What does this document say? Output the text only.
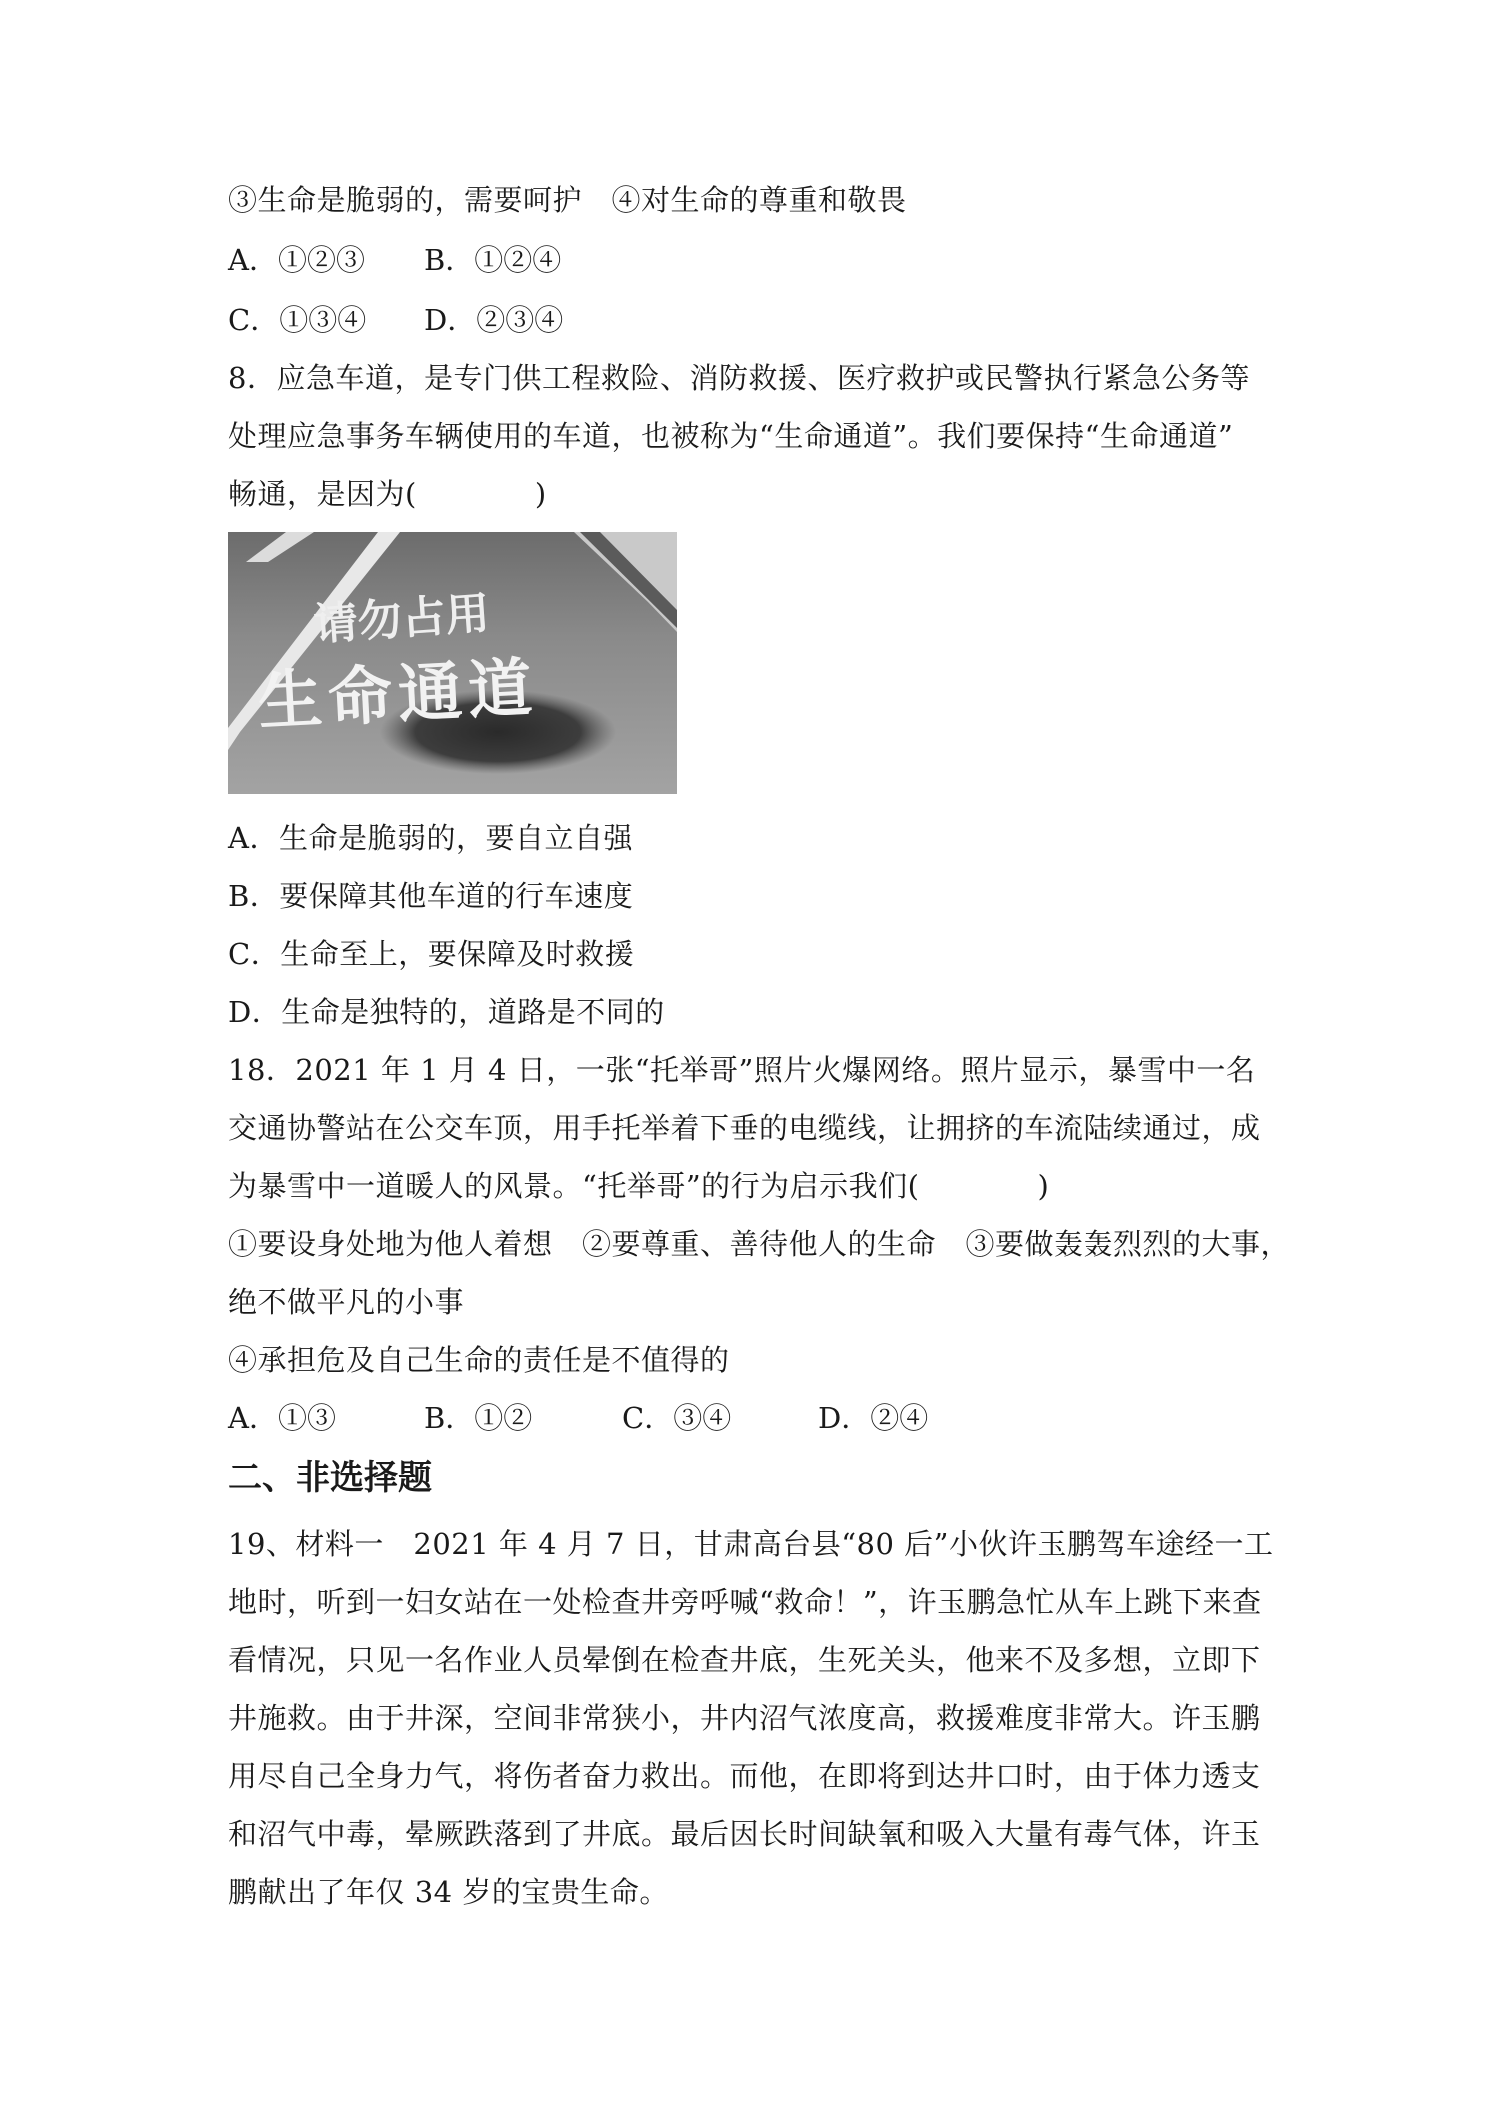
③生命是脆弱的，需要呵护　④对生命的尊重和敬畏
A．①②③ B．①②④
C．①③④ D．②③④
8．应急车道，是专门供工程救险、消防救援、医疗救护或民警执行紧急公务等
处理应急事务车辆使用的车道，也被称为“生命通道”。我们要保持“生命通道”
畅通，是因为(　　　　)
请勿占用
生命通道
A．生命是脆弱的，要自立自强
B．要保障其他车道的行车速度
C．生命至上，要保障及时救援
D．生命是独特的，道路是不同的
18．2021 年 1 月 4 日，一张“托举哥”照片火爆网络。照片显示，暴雪中一名
交通协警站在公交车顶，用手托举着下垂的电缆线，让拥挤的车流陆续通过，成
为暴雪中一道暖人的风景。“托举哥”的行为启示我们(　　　　)
①要设身处地为他人着想　②要尊重、善待他人的生命　③要做轰轰烈烈的大事，
绝不做平凡的小事
④承担危及自己生命的责任是不值得的
A．①③	B．①②	C．③④	D．②④
二、非选择题
19、材料一　2021 年 4 月 7 日，甘肃高台县“80 后”小伙许玉鹏驾车途经一工
地时，听到一妇女站在一处检查井旁呼喊“救命！”，许玉鹏急忙从车上跳下来查
看情况，只见一名作业人员晕倒在检查井底，生死关头，他来不及多想，立即下
井施救。由于井深，空间非常狭小，井内沼气浓度高，救援难度非常大。许玉鹏
用尽自己全身力气，将伤者奋力救出。而他，在即将到达井口时，由于体力透支
和沼气中毒，晕厥跌落到了井底。最后因长时间缺氧和吸入大量有毒气体，许玉
鹏献出了年仅 34 岁的宝贵生命。
